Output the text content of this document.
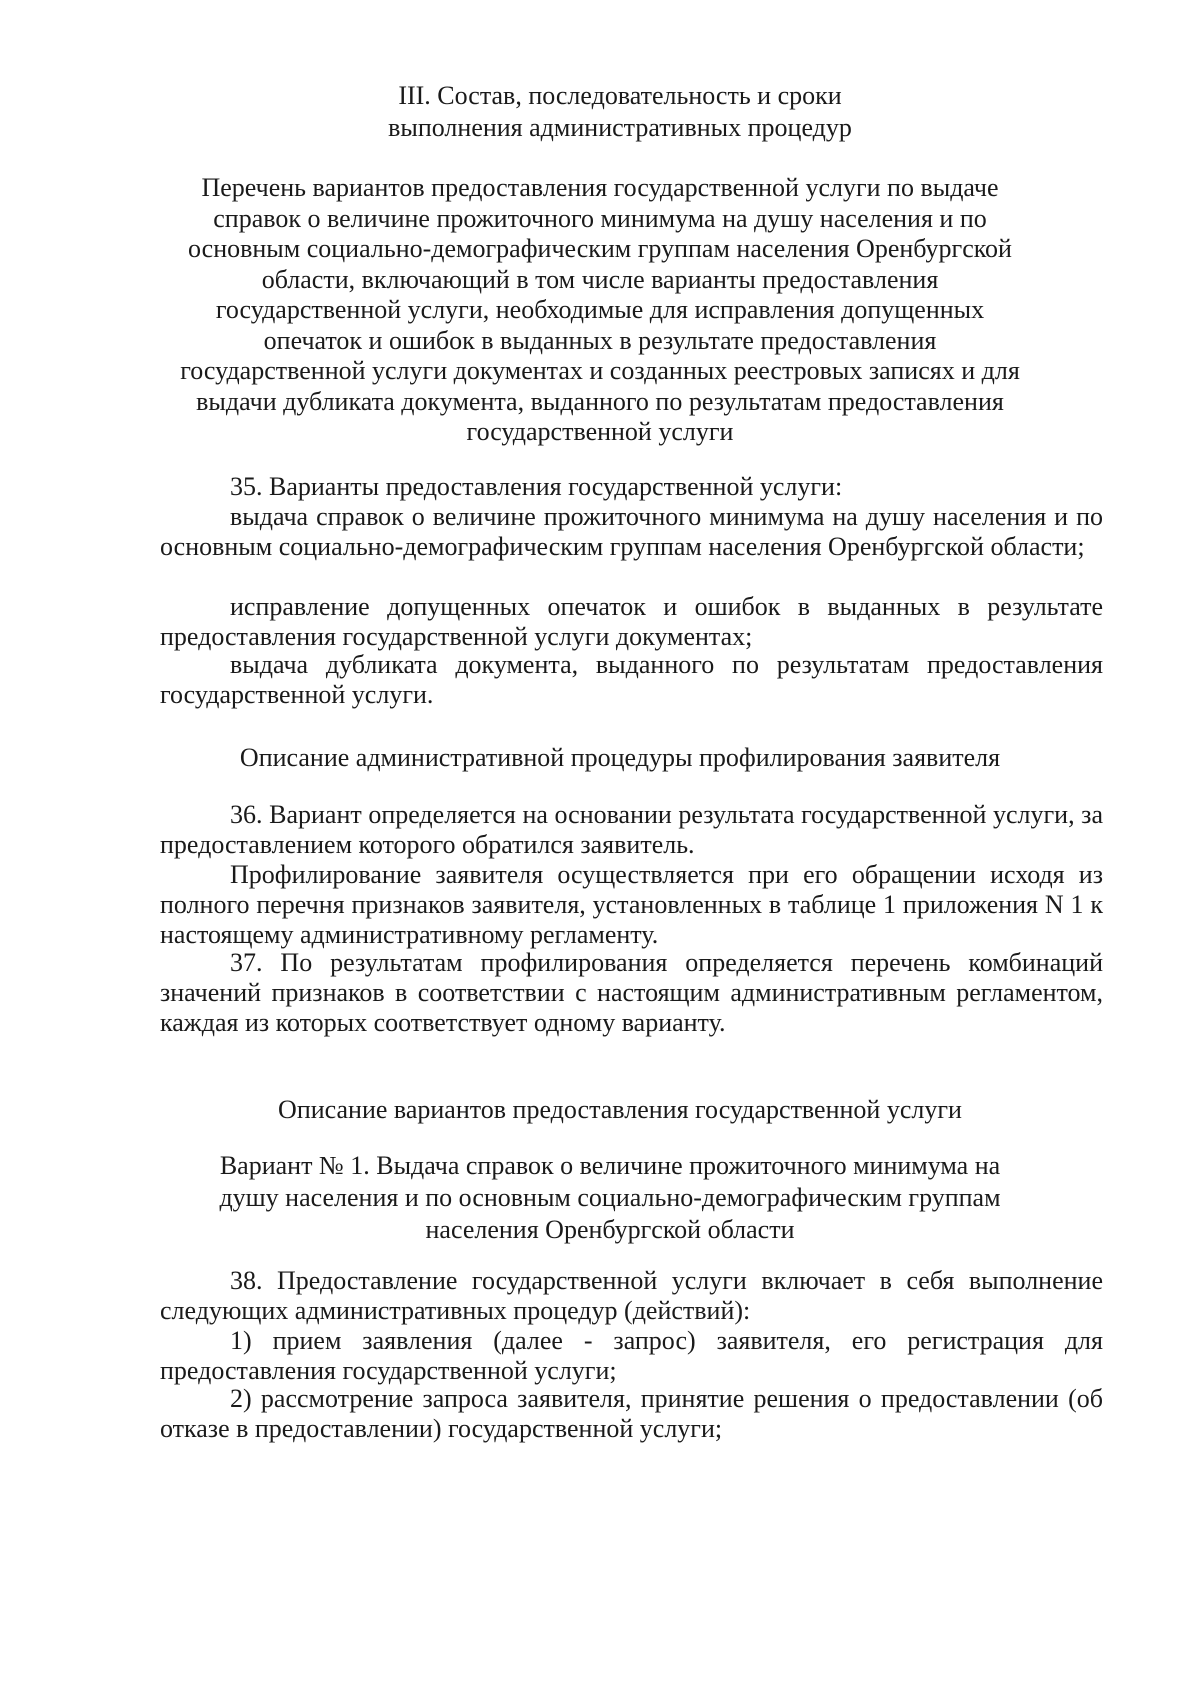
III. Состав, последовательность и сроки
выполнения административных процедур
Перечень вариантов предоставления государственной услуги по выдаче справок о величине прожиточного минимума на душу населения и по основным социально-демографическим группам населения Оренбургской области, включающий в том числе варианты предоставления государственной услуги, необходимые для исправления допущенных опечаток и ошибок в выданных в результате предоставления государственной услуги документах и созданных реестровых записях и для выдачи дубликата документа, выданного по результатам предоставления государственной услуги

35. Варианты предоставления государственной услуги:

выдача справок о величине прожиточного минимума на душу населения и по основным социально-демографическим группам населения Оренбургской области;

исправление допущенных опечаток и ошибок в выданных в результате предоставления государственной услуги документах;

выдача дубликата документа, выданного по результатам предоставления государственной услуги.

Описание административной процедуры профилирования заявителя

36. Вариант определяется на основании результата государственной услуги, за предоставлением которого обратился заявитель.

Профилирование заявителя осуществляется при его обращении исходя из полного перечня признаков заявителя, установленных в таблице 1 приложения N 1 к настоящему административному регламенту.

37. По результатам профилирования определяется перечень комбинаций значений признаков в соответствии с настоящим административным регламентом, каждая из которых соответствует одному варианту.

Описание вариантов предоставления государственной услуги
Вариант № 1. Выдача справок о величине прожиточного минимума на душу населения и по основным социально-демографическим группам населения Оренбургской области

38. Предоставление государственной услуги включает в себя выполнение следующих административных процедур (действий):

1) прием заявления (далее - запрос) заявителя, его регистрация для предоставления государственной услуги;

2) рассмотрение запроса заявителя, принятие решения о предоставлении (об отказе в предоставлении) государственной услуги;
